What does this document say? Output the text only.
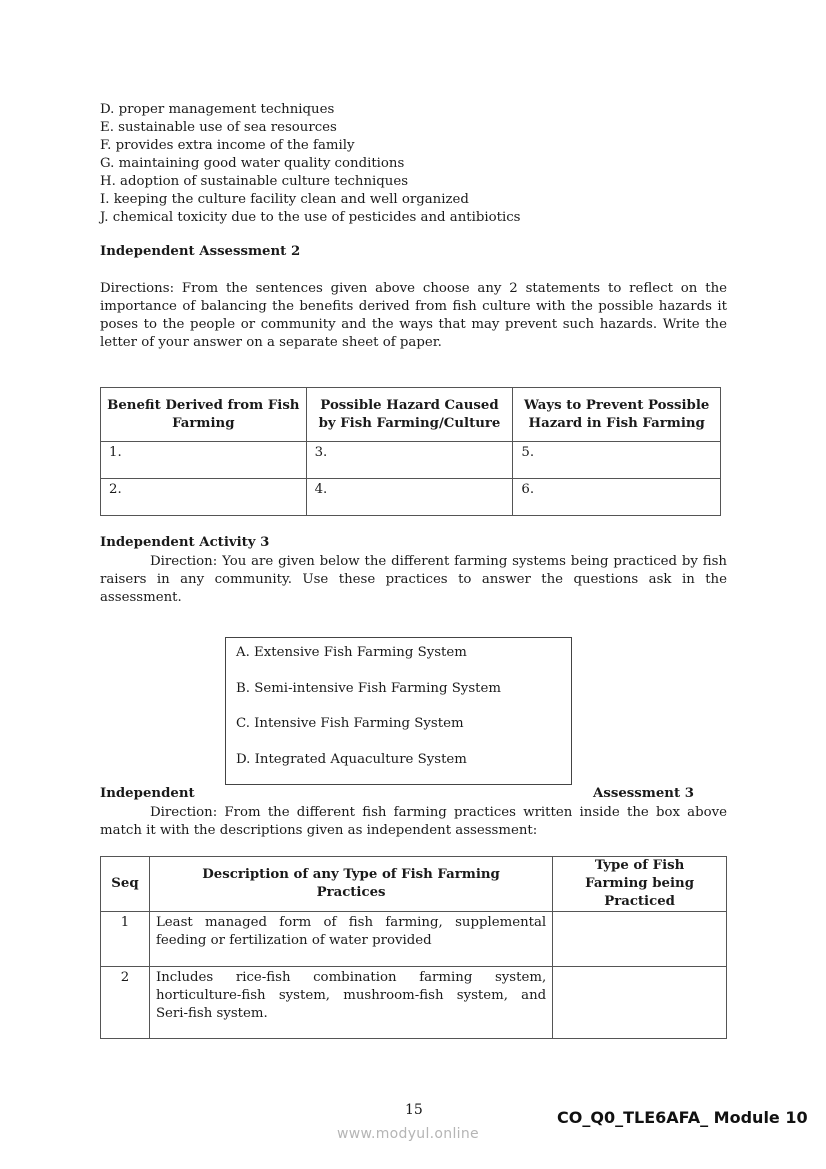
D. proper management techniques
E. sustainable use of sea resources
F. provides extra income of the family
G. maintaining good water quality conditions
H. adoption of sustainable culture techniques
I. keeping the culture facility clean and well organized
J. chemical toxicity due to the use of pesticides and antibiotics
Independent Assessment 2
Directions: From the sentences given above choose any 2 statements to reflect on the importance of balancing the benefits derived from fish culture with the possible hazards it poses to the people or community and the ways that may prevent such hazards. Write the letter of your answer on a separate sheet of paper.
Benefit Derived from Fish Farming	Possible Hazard Caused by Fish Farming/Culture	Ways to Prevent Possible Hazard in Fish Farming
1.	3.	5.
2.	4.	6.
Independent Activity 3
Direction: You are given below the different farming systems being practiced by fish raisers in any community. Use these practices to answer the questions ask in the assessment.
A. Extensive Fish Farming System
B. Semi-intensive Fish Farming System
C. Intensive Fish Farming System
D. Integrated Aquaculture System
Independent	Assessment 3
Direction: From the different fish farming practices written inside the box above match it with the descriptions given as independent assessment:
Seq	Description of any Type of Fish Farming Practices	Type of Fish Farming being Practiced
1	Least managed form of fish farming, supplemental feeding or fertilization of water provided	
2	Includes rice-fish combination farming system, horticulture-fish system, mushroom-fish system, and Seri-fish system.	
15
www.modyul.online
CO_Q0_TLE6AFA_ Module 10
